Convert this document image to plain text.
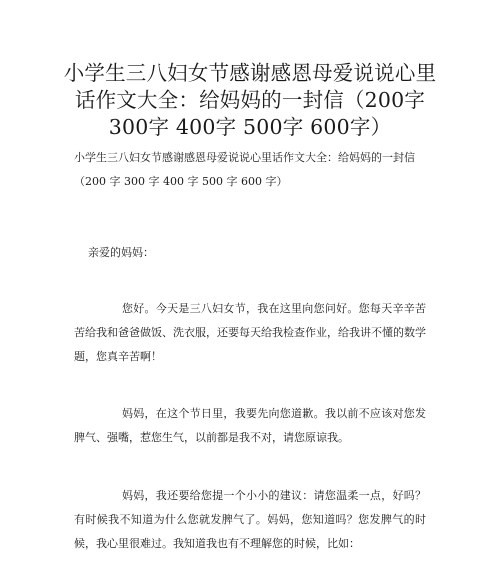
小学生三八妇女节感谢感恩母爱说说心里话作文大全：给妈妈的一封信（200字 300字 400字 500字 600字）

小学生三八妇女节感谢感恩母爱说说心里话作文大全：给妈妈的一封信（200 字 300 字 400 字 500 字 600 字）

亲爱的妈妈：

您好。今天是三八妇女节，我在这里向您问好。您每天辛辛苦苦给我和爸爸做饭、洗衣服，还要每天给我检查作业，给我讲不懂的数学题，您真辛苦啊！

妈妈，在这个节日里，我要先向您道歉。我以前不应该对您发脾气、强嘴，惹您生气，以前都是我不对，请您原谅我。

妈妈，我还要给您提一个小小的建议：请您温柔一点，好吗？有时候我不知道为什么您就发脾气了。妈妈，您知道吗？您发脾气的时候，我心里很难过。我知道我也有不理解您的时候，比如：
